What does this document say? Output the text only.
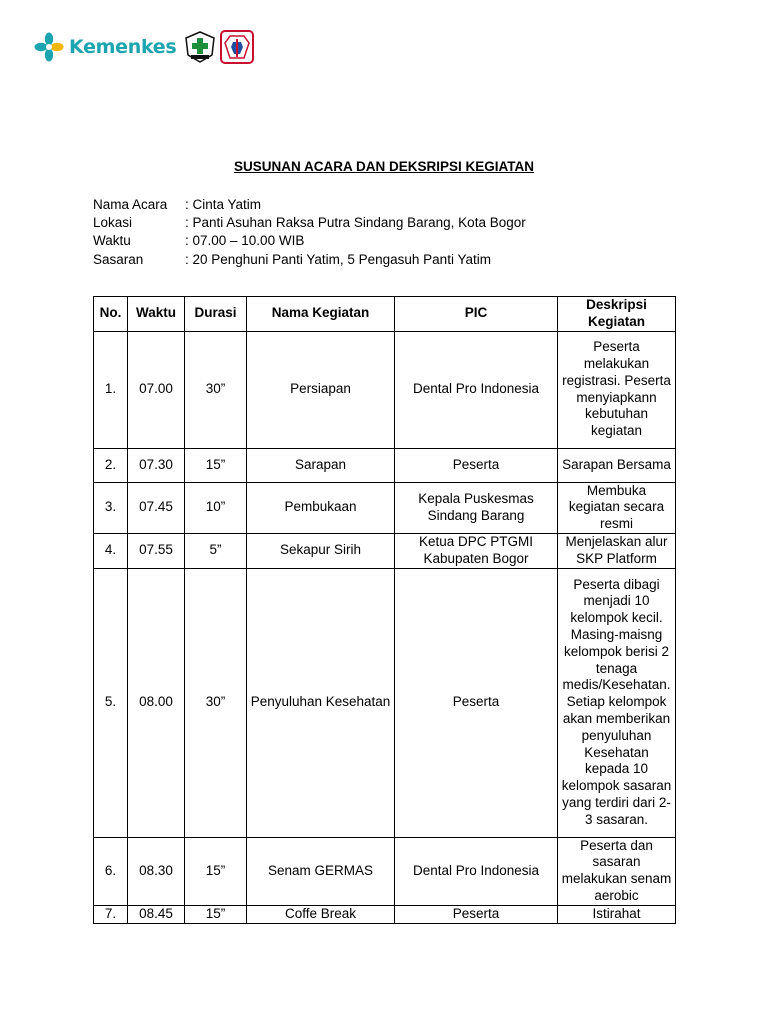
Kemenkes
SUSUNAN ACARA DAN DEKSRIPSI KEGIATAN
Nama Acara	: Cinta Yatim
Lokasi	: Panti Asuhan Raksa Putra Sindang Barang, Kota Bogor
Waktu	: 07.00 – 10.00 WIB
Sasaran	: 20 Penghuni Panti Yatim, 5 Pengasuh Panti Yatim
No.	Waktu	Durasi	Nama Kegiatan	PIC	Deskripsi Kegiatan
1.	07.00	30”	Persiapan	Dental Pro Indonesia	Peserta melakukan registrasi. Peserta menyiapkann kebutuhan kegiatan
2.	07.30	15”	Sarapan	Peserta	Sarapan Bersama
3.	07.45	10”	Pembukaan	Kepala Puskesmas Sindang Barang	Membuka kegiatan secara resmi
4.	07.55	5”	Sekapur Sirih	Ketua DPC PTGMI Kabupaten Bogor	Menjelaskan alur SKP Platform
5.	08.00	30”	Penyuluhan Kesehatan	Peserta	Peserta dibagi menjadi 10 kelompok kecil. Masing-maisng kelompok berisi 2 tenaga medis/Kesehatan. Setiap kelompok akan memberikan penyuluhan Kesehatan kepada 10 kelompok sasaran yang terdiri dari 2-3 sasaran.
6.	08.30	15”	Senam GERMAS	Dental Pro Indonesia	Peserta dan sasaran melakukan senam aerobic
7.	08.45	15”	Coffe Break	Peserta	Istirahat
